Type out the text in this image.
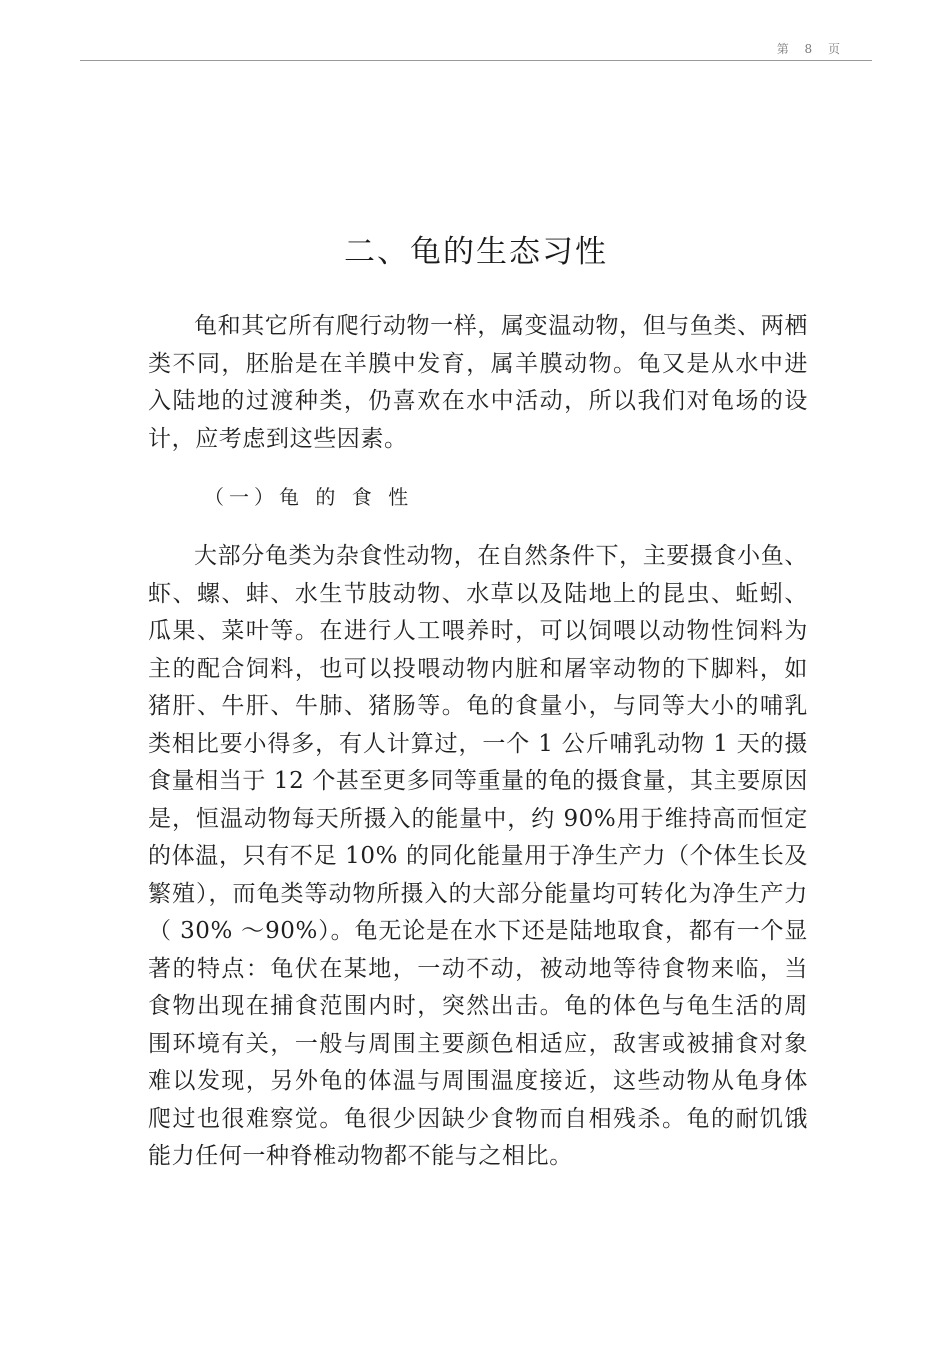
第 8 页
二、龟的生态习性

龟和其它所有爬行动物一样，属变温动物，但与鱼类、两栖类不同，胚胎是在羊膜中发育，属羊膜动物。龟又是从水中进入陆地的过渡种类，仍喜欢在水中活动，所以我们对龟场的设计，应考虑到这些因素。

（一）龟 的 食 性

大部分龟类为杂食性动物，在自然条件下，主要摄食小鱼、虾、螺、蚌、水生节肢动物、水草以及陆地上的昆虫、蚯蚓、瓜果、菜叶等。在进行人工喂养时，可以饲喂以动物性饲料为主的配合饲料，也可以投喂动物内脏和屠宰动物的下脚料，如猪肝、牛肝、牛肺、猪肠等。龟的食量小，与同等大小的哺乳类相比要小得多，有人计算过，一个 1 公斤哺乳动物 1 天的摄食量相当于 12 个甚至更多同等重量的龟的摄食量，其主要原因是，恒温动物每天所摄入的能量中，约 90%用于维持高而恒定的体温，只有不足 10% 的同化能量用于净生产力（个体生长及繁殖），而龟类等动物所摄入的大部分能量均可转化为净生产力（ 30% ～90%）。龟无论是在水下还是陆地取食，都有一个显著的特点：龟伏在某地，一动不动，被动地等待食物来临，当食物出现在捕食范围内时，突然出击。龟的体色与龟生活的周围环境有关，一般与周围主要颜色相适应，敌害或被捕食对象难以发现，另外龟的体温与周围温度接近，这些动物从龟身体爬过也很难察觉。龟很少因缺少食物而自相残杀。龟的耐饥饿能力任何一种脊椎动物都不能与之相比。
